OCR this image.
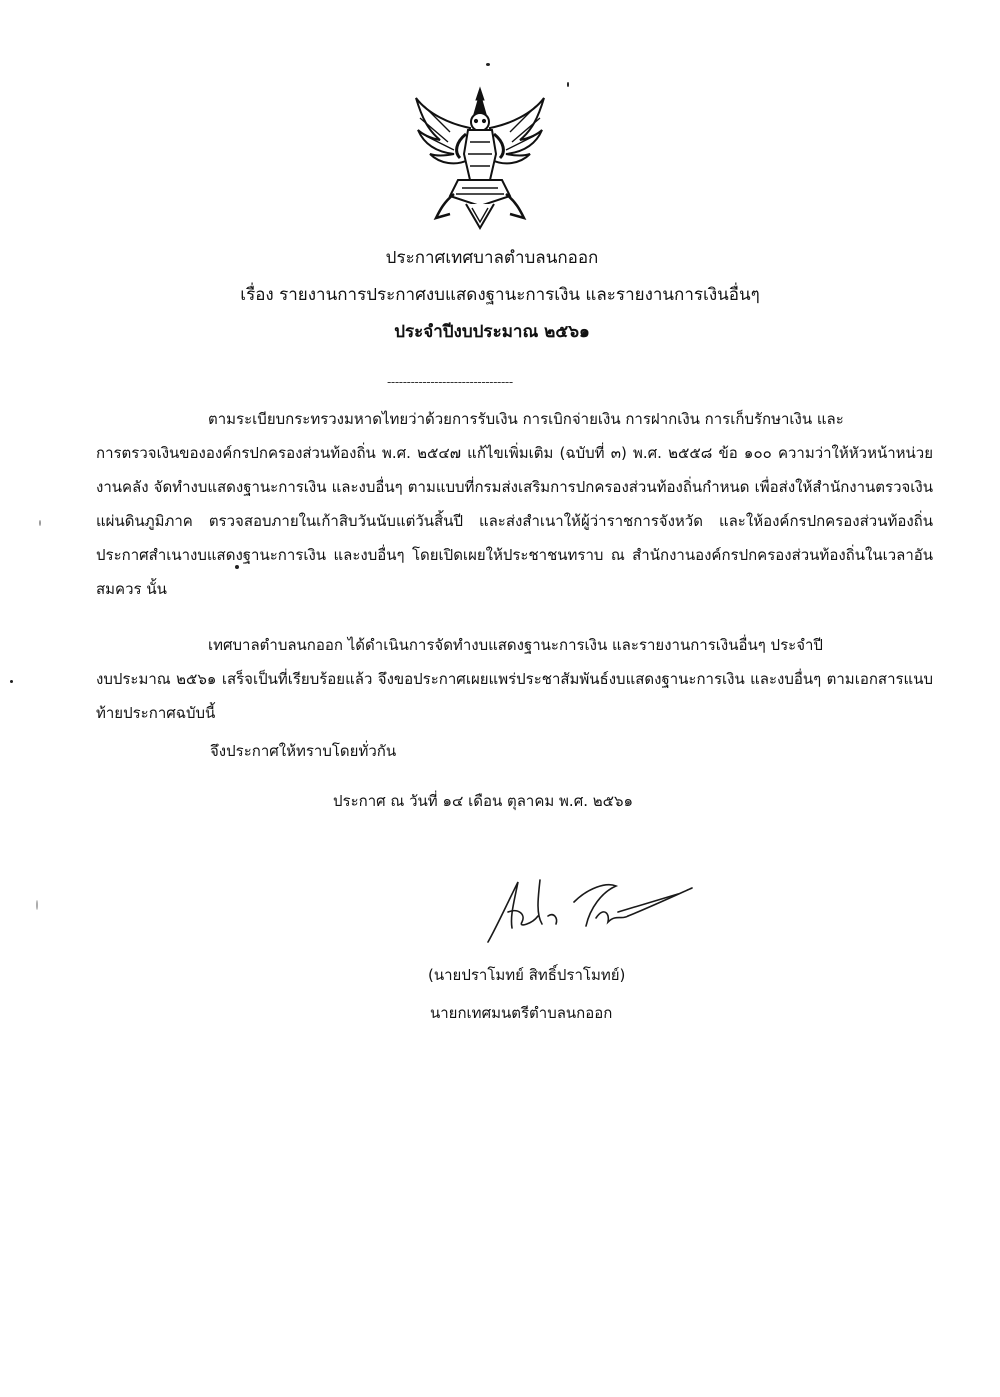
ประกาศเทศบาลตำบลนกออก
เรื่อง รายงานการประกาศงบแสดงฐานะการเงิน และรายงานการเงินอื่นๆ
ประจำปีงบประมาณ ๒๕๖๑
--------------------------------

ตามระเบียบกระทรวงมหาดไทยว่าด้วยการรับเงิน การเบิกจ่ายเงิน การฝากเงิน การเก็บรักษาเงิน และ

การตรวจเงินขององค์กรปกครองส่วนท้องถิ่น พ.ศ. ๒๕๔๗ แก้ไขเพิ่มเติม (ฉบับที่ ๓) พ.ศ. ๒๕๕๘ ข้อ ๑๐๐ ความว่าให้หัวหน้าหน่วยงานคลัง จัดทำงบแสดงฐานะการเงิน และงบอื่นๆ ตามแบบที่กรมส่งเสริมการปกครองส่วนท้องถิ่นกำหนด เพื่อส่งให้สำนักงานตรวจเงินแผ่นดินภูมิภาค ตรวจสอบภายในเก้าสิบวันนับแต่วันสิ้นปี และส่งสำเนาให้ผู้ว่าราชการจังหวัด และให้องค์กรปกครองส่วนท้องถิ่นประกาศสำเนางบแสดงฐานะการเงิน และงบอื่นๆ โดยเปิดเผยให้ประชาชนทราบ ณ สำนักงานองค์กรปกครองส่วนท้องถิ่นในเวลาอันสมควร นั้น

เทศบาลตำบลนกออก ได้ดำเนินการจัดทำงบแสดงฐานะการเงิน และรายงานการเงินอื่นๆ ประจำปี

งบประมาณ ๒๕๖๑ เสร็จเป็นที่เรียบร้อยแล้ว จึงขอประกาศเผยแพร่ประชาสัมพันธ์งบแสดงฐานะการเงิน และงบอื่นๆ ตามเอกสารแนบท้ายประกาศฉบับนี้

จึงประกาศให้ทราบโดยทั่วกัน
ประกาศ ณ วันที่ ๑๔ เดือน ตุลาคม พ.ศ. ๒๕๖๑
(นายปราโมทย์ สิทธิ์ปราโมทย์)
นายกเทศมนตรีตำบลนกออก
